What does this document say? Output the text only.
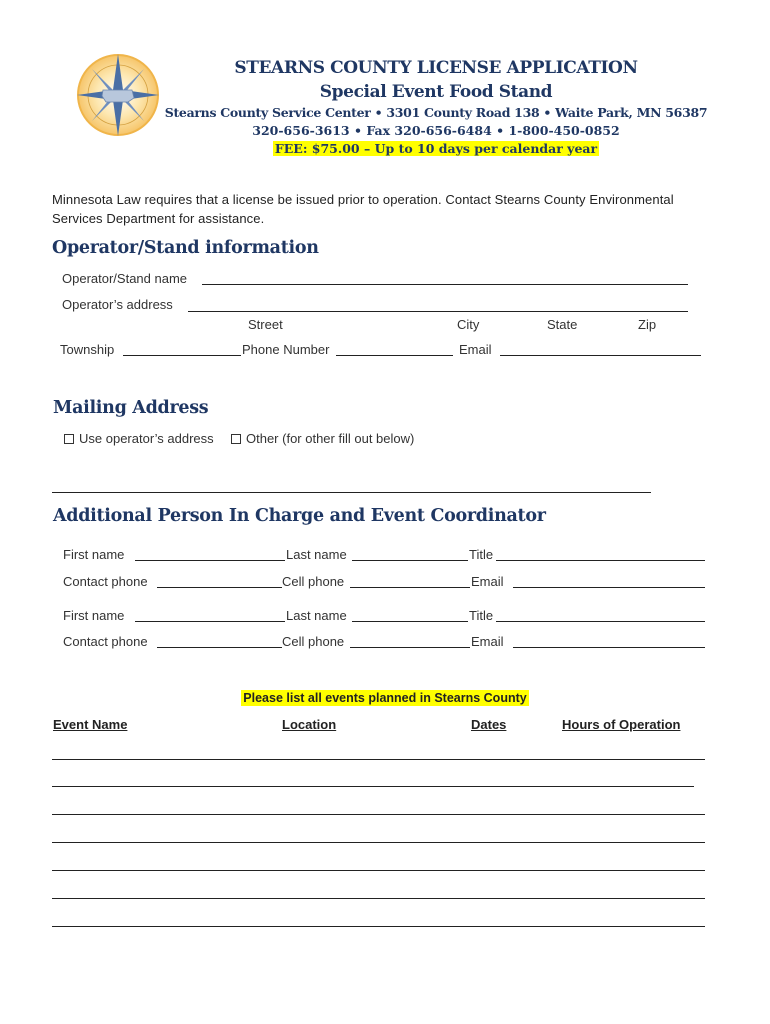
STEARNS COUNTY LICENSE APPLICATION
Special Event Food Stand
Stearns County Service Center • 3301 County Road 138 • Waite Park, MN 56387
320-656-3613 • Fax 320-656-6484 • 1-800-450-0852
FEE: $75.00 – Up to 10 days per calendar year
Minnesota Law requires that a license be issued prior to operation. Contact Stearns County Environmental Services Department for assistance.
Operator/Stand information
Operator/Stand name
Operator’s address
Street	City	State	Zip
Township	Phone Number	Email
Mailing Address
Use operator’s address	Other (for other fill out below)
Additional Person In Charge and Event Coordinator
First name	Last name	Title
Contact phone	Cell phone	Email
First name	Last name	Title
Contact phone	Cell phone	Email
Please list all events planned in Stearns County
Event Name	Location	Dates	Hours of Operation
